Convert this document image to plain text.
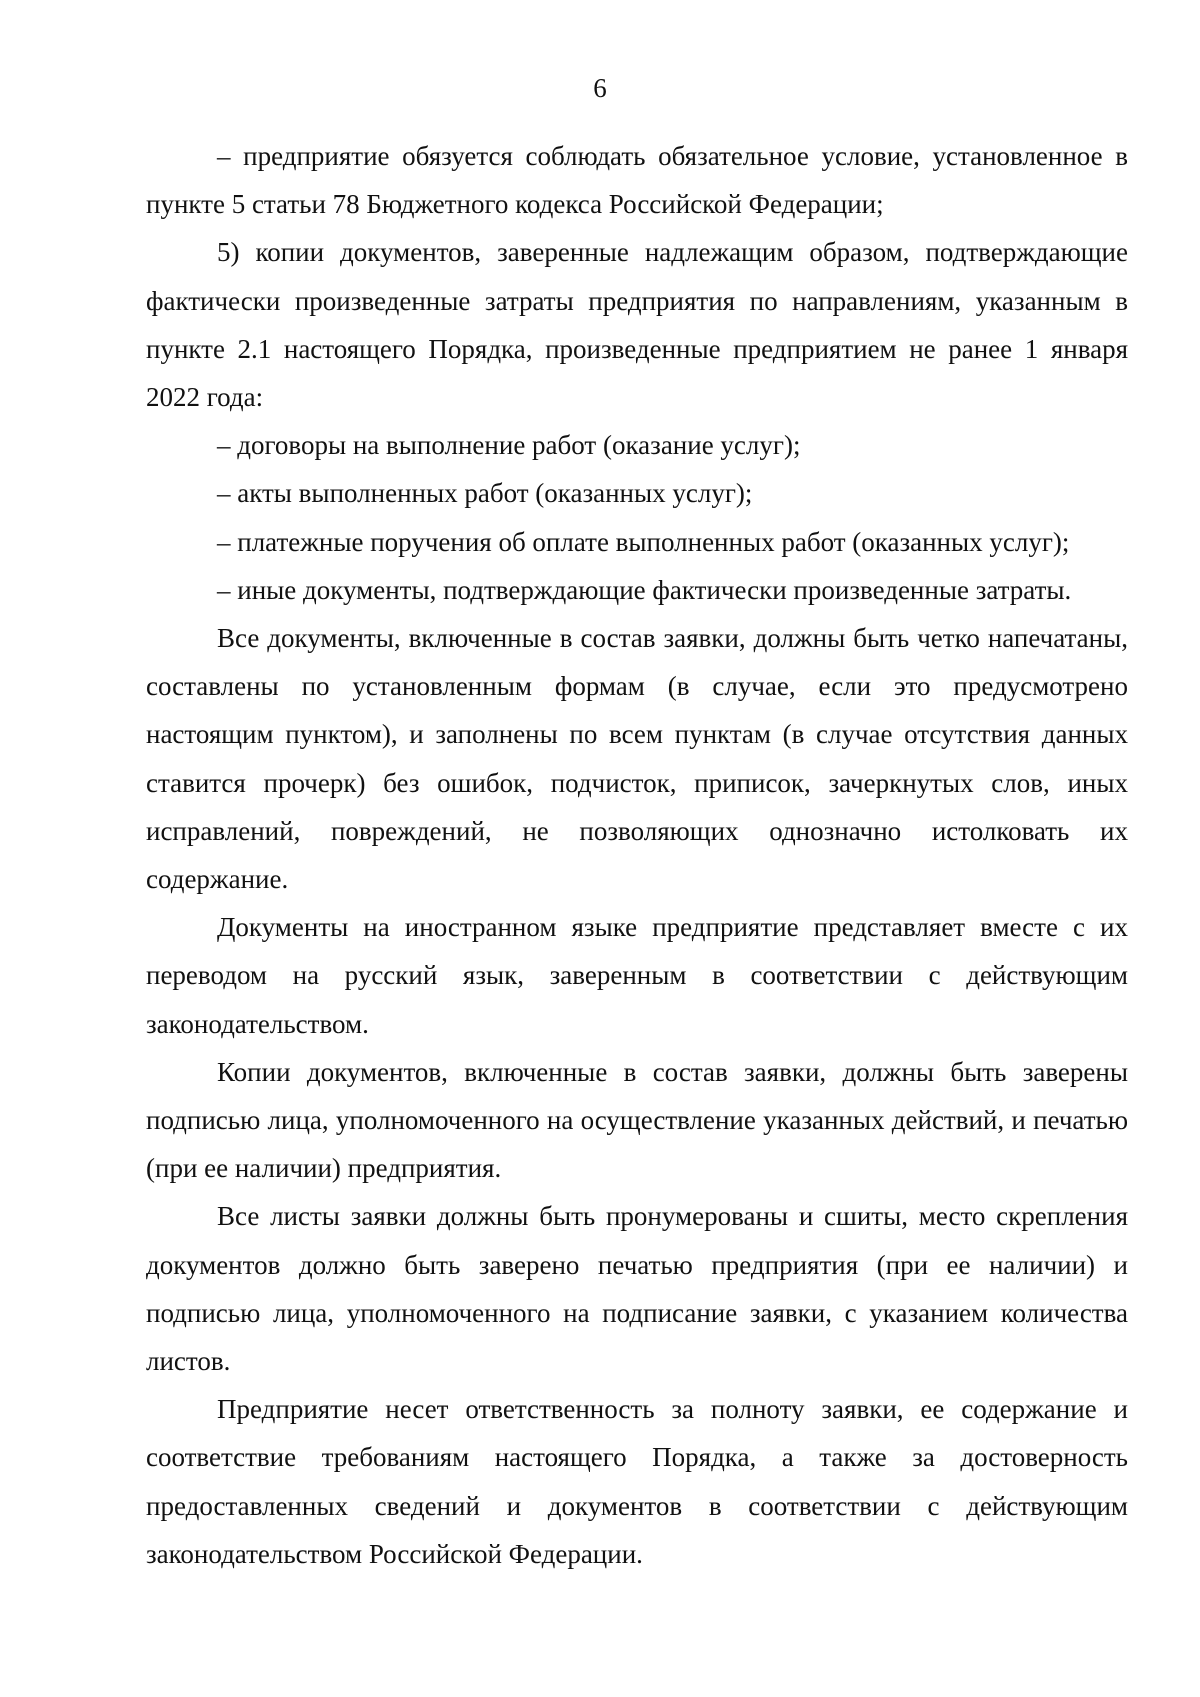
6

– предприятие обязуется соблюдать обязательное условие, установленное в пункте 5 статьи 78 Бюджетного кодекса Российской Федерации;

5) копии документов, заверенные надлежащим образом, подтверждающие фактически произведенные затраты предприятия по направлениям, указанным в пункте 2.1 настоящего Порядка, произведенные предприятием не ранее 1 января 2022 года:

– договоры на выполнение работ (оказание услуг);

– акты выполненных работ (оказанных услуг);

– платежные поручения об оплате выполненных работ (оказанных услуг);

– иные документы, подтверждающие фактически произведенные затраты.

Все документы, включенные в состав заявки, должны быть четко напечатаны, составлены по установленным формам (в случае, если это предусмотрено настоящим пунктом), и заполнены по всем пунктам (в случае отсутствия данных ставится прочерк) без ошибок, подчисток, приписок, зачеркнутых слов, иных исправлений, повреждений, не позволяющих однозначно истолковать их содержание.

Документы на иностранном языке предприятие представляет вместе с их переводом на русский язык, заверенным в соответствии с действующим законодательством.

Копии документов, включенные в состав заявки, должны быть заверены подписью лица, уполномоченного на осуществление указанных действий, и печатью (при ее наличии) предприятия.

Все листы заявки должны быть пронумерованы и сшиты, место скрепления документов должно быть заверено печатью предприятия (при ее наличии) и подписью лица, уполномоченного на подписание заявки, с указанием количества листов.

Предприятие несет ответственность за полноту заявки, ее содержание и соответствие требованиям настоящего Порядка, а также за достоверность предоставленных сведений и документов в соответствии с действующим законодательством Российской Федерации.
